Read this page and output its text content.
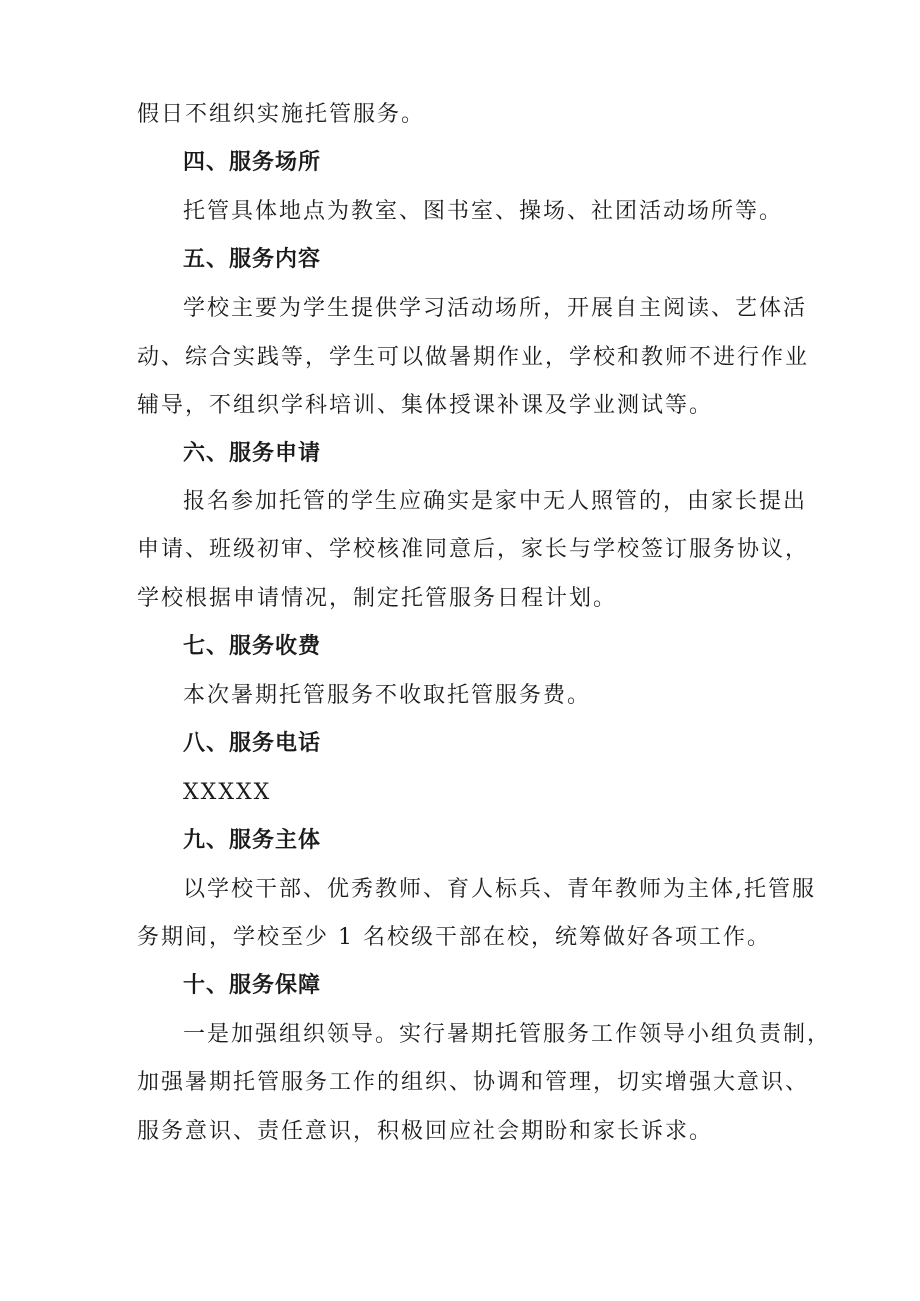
假日不组织实施托管服务。
四、服务场所
托管具体地点为教室、图书室、操场、社团活动场所等。
五、服务内容
学校主要为学生提供学习活动场所，开展自主阅读、艺体活
动、综合实践等，学生可以做暑期作业，学校和教师不进行作业
辅导，不组织学科培训、集体授课补课及学业测试等。
六、服务申请
报名参加托管的学生应确实是家中无人照管的，由家长提出
申请、班级初审、学校核准同意后，家长与学校签订服务协议，
学校根据申请情况，制定托管服务日程计划。
七、服务收费
本次暑期托管服务不收取托管服务费。
八、服务电话
XXXXX
九、服务主体
以学校干部、优秀教师、育人标兵、青年教师为主体,托管服
务期间，学校至少 1 名校级干部在校，统筹做好各项工作。
十、服务保障
一是加强组织领导。实行暑期托管服务工作领导小组负责制，
加强暑期托管服务工作的组织、协调和管理，切实增强大意识、
服务意识、责任意识，积极回应社会期盼和家长诉求。
